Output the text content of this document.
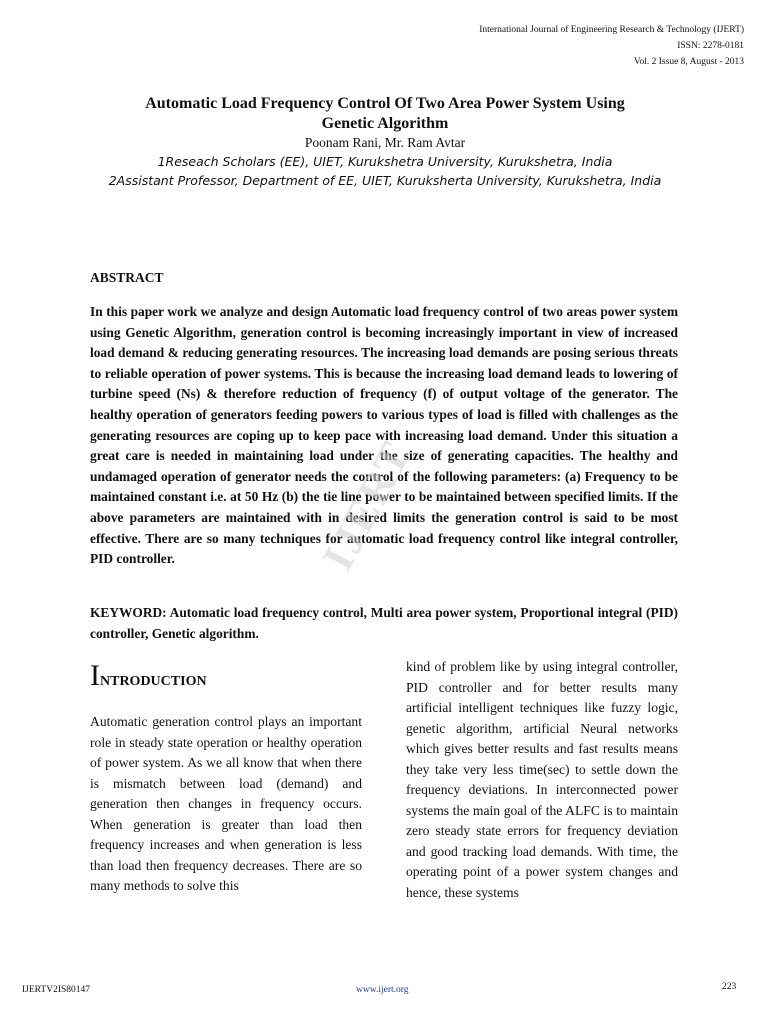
International Journal of Engineering Research & Technology (IJERT)
ISSN: 2278-0181
Vol. 2 Issue 8, August - 2013
Automatic Load Frequency Control Of Two Area Power System Using
Genetic Algorithm
Poonam Rani, Mr. Ram Avtar
1Reseach Scholars (EE), UIET, Kurukshetra University, Kurukshetra, India
2Assistant Professor, Department of EE, UIET, Kuruksherta University, Kurukshetra, India
ABSTRACT

In this paper work we analyze and design Automatic load frequency control of two areas power system using Genetic Algorithm, generation control is becoming increasingly important in view of increased load demand & reducing generating resources. The increasing load demands are posing serious threats to reliable operation of power systems. This is because the increasing load demand leads to lowering of turbine speed (Ns) & therefore reduction of frequency (f) of output voltage of the generator. The healthy operation of generators feeding powers to various types of load is filled with challenges as the generating resources are coping up to keep pace with increasing load demand. Under this situation a great care is needed in maintaining load under the size of generating capacities. The healthy and undamaged operation of generator needs the control of the following parameters: (a) Frequency to be maintained constant i.e. at 50 Hz (b) the tie line power to be maintained between specified limits. If the above parameters are maintained with in desired limits the generation control is said to be most effective. There are so many techniques for automatic load frequency control like integral controller, PID controller.	IJERT

KEYWORD: Automatic load frequency control, Multi area power system, Proportional integral (PID) controller, Genetic algorithm.

INTRODUCTION

Automatic generation control plays an important role in steady state operation or healthy operation of power system. As we all know that when there is mismatch between load (demand) and generation then changes in frequency occurs. When generation is greater than load then frequency increases and when generation is less than load then frequency decreases. There are so many methods to solve this

kind of problem like by using integral controller, PID controller and for better results many artificial intelligent techniques like fuzzy logic, genetic algorithm, artificial Neural networks which gives better results and fast results means they take very less time(sec) to settle down the frequency deviations. In interconnected power systems the main goal of the ALFC is to maintain zero steady state errors for frequency deviation and good tracking load demands. With time, the operating point of a power system changes and hence, these systems

IJERTV2IS80147	www.ijert.org	223
